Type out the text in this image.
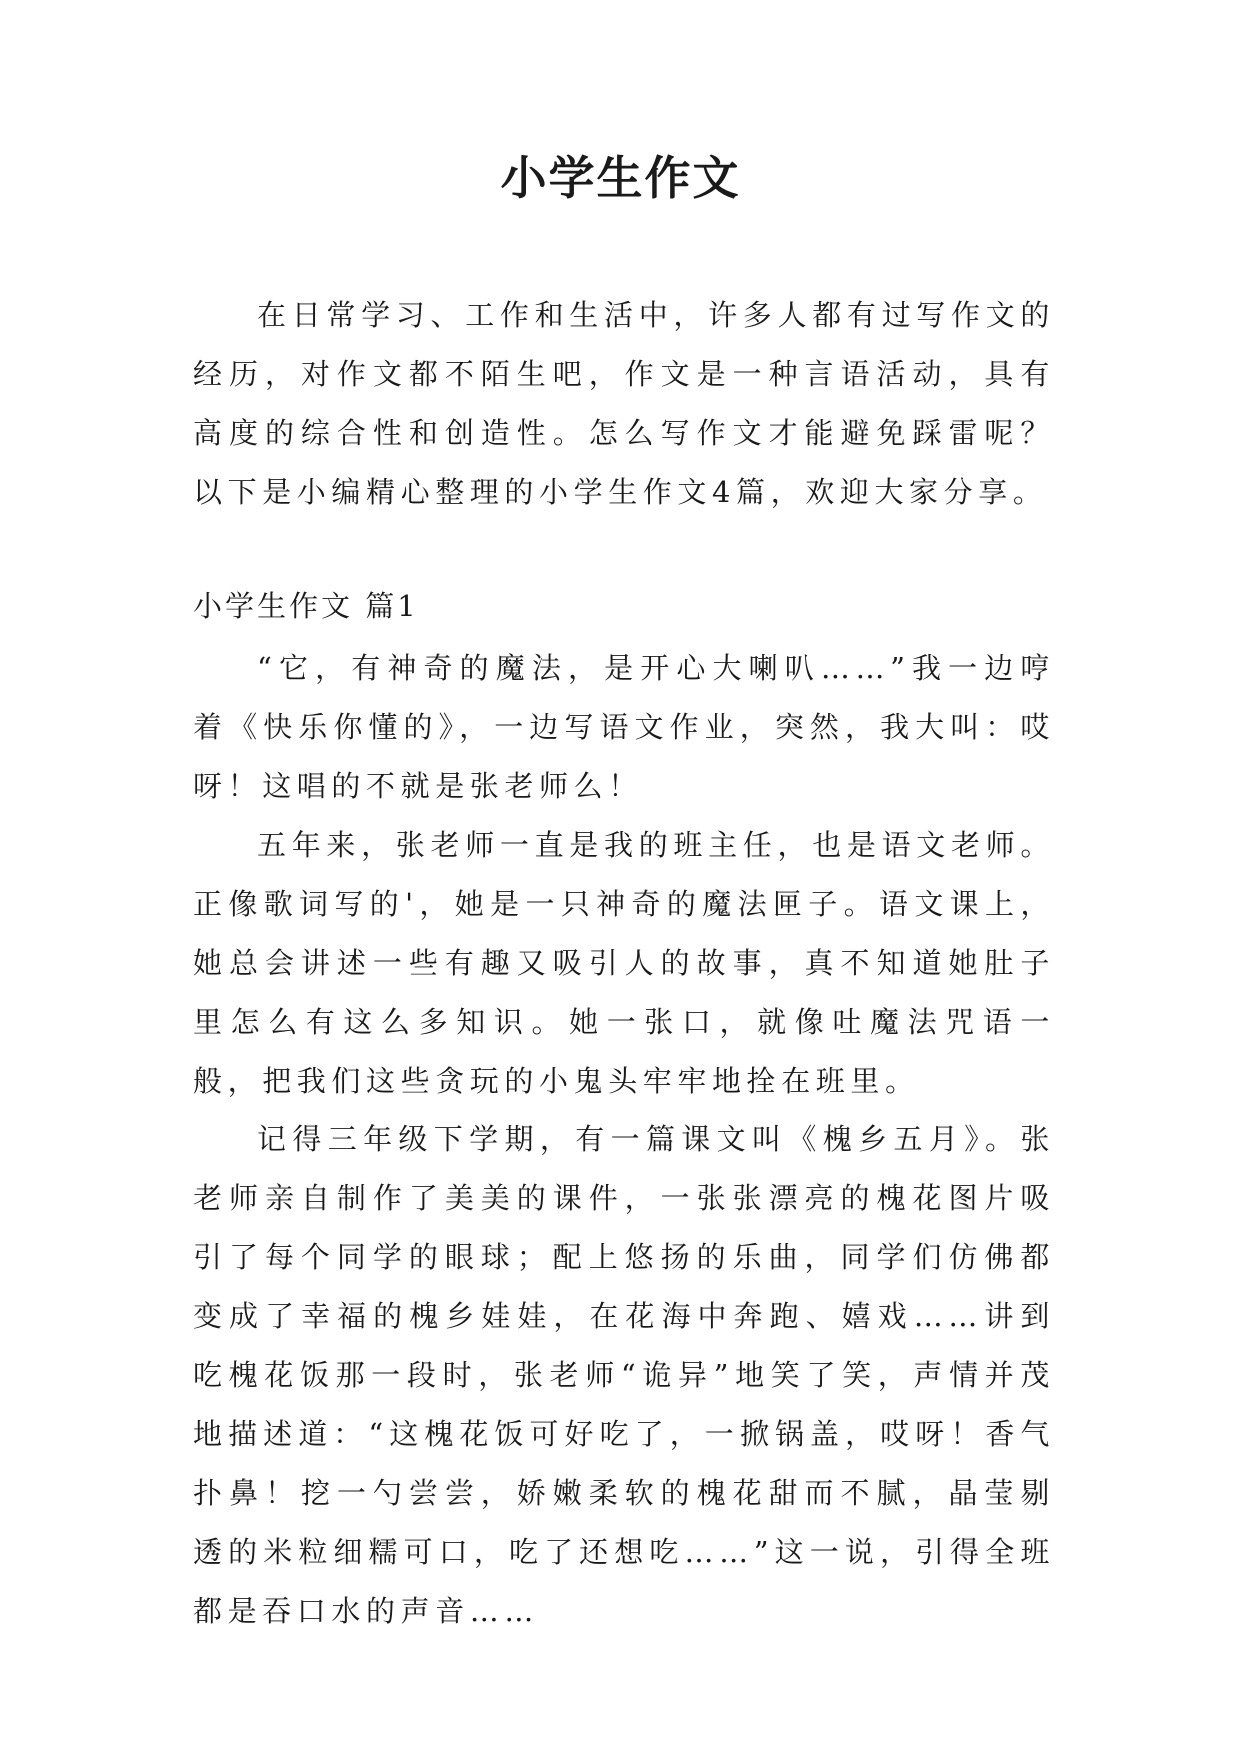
小学生作文

在日常学习、工作和生活中，许多人都有过写作文的经历，对作文都不陌生吧，作文是一种言语活动，具有高度的综合性和创造性。怎么写作文才能避免踩雷呢？以下是小编精心整理的小学生作文4篇，欢迎大家分享。

小学生作文 篇1

“它，有神奇的魔法，是开心大喇叭……”我一边哼着《快乐你懂的》，一边写语文作业，突然，我大叫：哎呀！这唱的不就是张老师么！

五年来，张老师一直是我的班主任，也是语文老师。正像歌词写的'，她是一只神奇的魔法匣子。语文课上，她总会讲述一些有趣又吸引人的故事，真不知道她肚子里怎么有这么多知识。她一张口，就像吐魔法咒语一般，把我们这些贪玩的小鬼头牢牢地拴在班里。

记得三年级下学期，有一篇课文叫《槐乡五月》。张老师亲自制作了美美的课件，一张张漂亮的槐花图片吸引了每个同学的眼球；配上悠扬的乐曲，同学们仿佛都变成了幸福的槐乡娃娃，在花海中奔跑、嬉戏……讲到吃槐花饭那一段时，张老师“诡异”地笑了笑，声情并茂地描述道：“这槐花饭可好吃了，一掀锅盖，哎呀！香气扑鼻！挖一勺尝尝，娇嫩柔软的槐花甜而不腻，晶莹剔透的米粒细糯可口，吃了还想吃……”这一说，引得全班都是吞口水的声音……
